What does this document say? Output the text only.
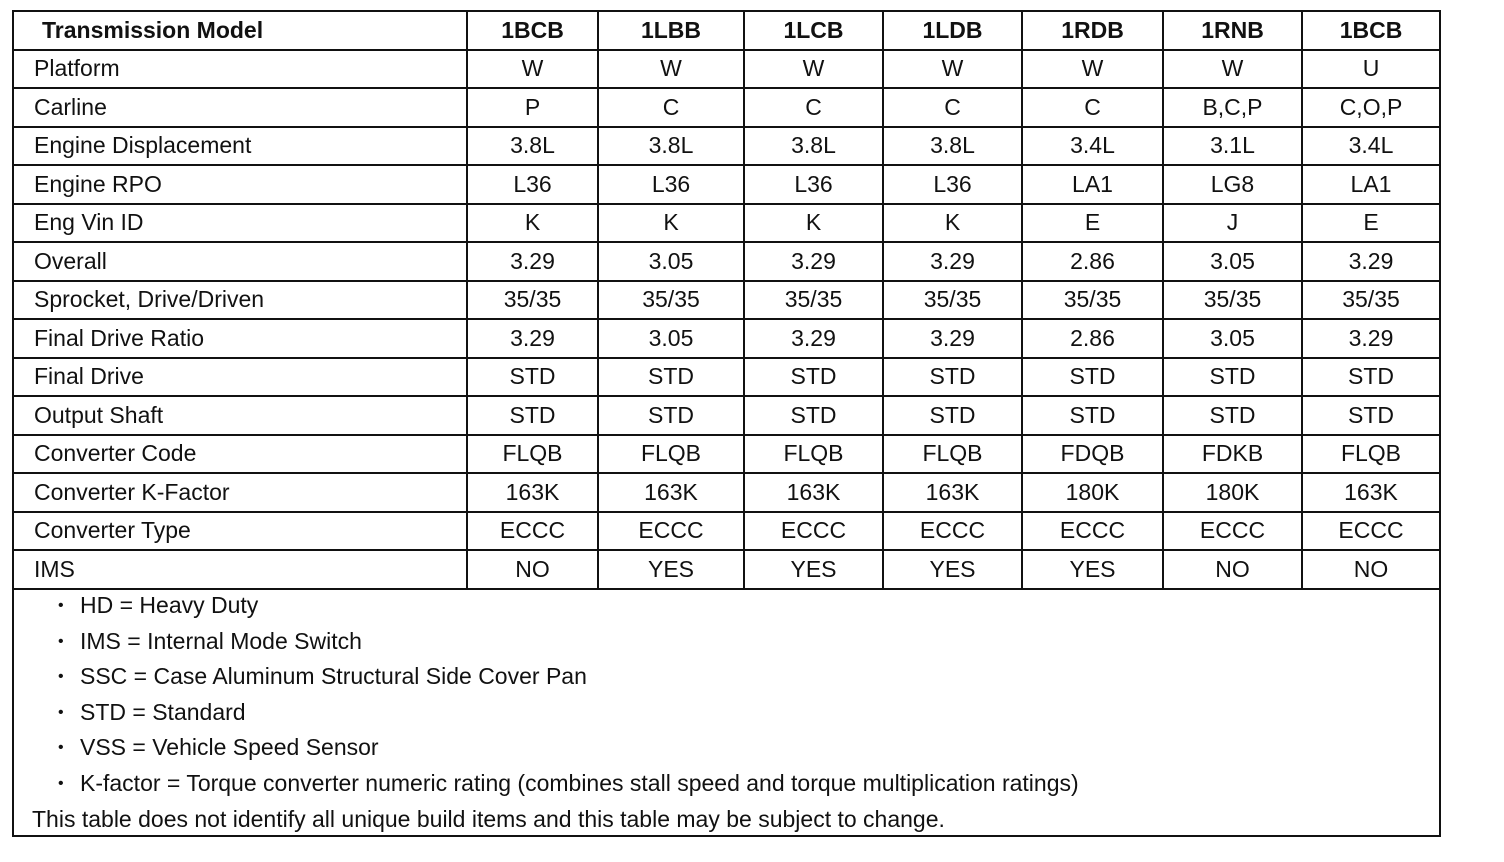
Transmission Model	1BCB	1LBB	1LCB	1LDB	1RDB	1RNB	1BCB
Platform	W	W	W	W	W	W	U
Carline	P	C	C	C	C	B,C,P	C,O,P
Engine Displacement	3.8L	3.8L	3.8L	3.8L	3.4L	3.1L	3.4L
Engine RPO	L36	L36	L36	L36	LA1	LG8	LA1
Eng Vin ID	K	K	K	K	E	J	E
Overall	3.29	3.05	3.29	3.29	2.86	3.05	3.29
Sprocket, Drive/Driven	35/35	35/35	35/35	35/35	35/35	35/35	35/35
Final Drive Ratio	3.29	3.05	3.29	3.29	2.86	3.05	3.29
Final Drive	STD	STD	STD	STD	STD	STD	STD
Output Shaft	STD	STD	STD	STD	STD	STD	STD
Converter Code	FLQB	FLQB	FLQB	FLQB	FDQB	FDKB	FLQB
Converter K-Factor	163K	163K	163K	163K	180K	180K	163K
Converter Type	ECCC	ECCC	ECCC	ECCC	ECCC	ECCC	ECCC
IMS	NO	YES	YES	YES	YES	NO	NO
• HD = Heavy Duty
• IMS = Internal Mode Switch
• SSC = Case Aluminum Structural Side Cover Pan
• STD = Standard
• VSS = Vehicle Speed Sensor
• K-factor = Torque converter numeric rating (combines stall speed and torque multiplication ratings)
This table does not identify all unique build items and this table may be subject to change.
